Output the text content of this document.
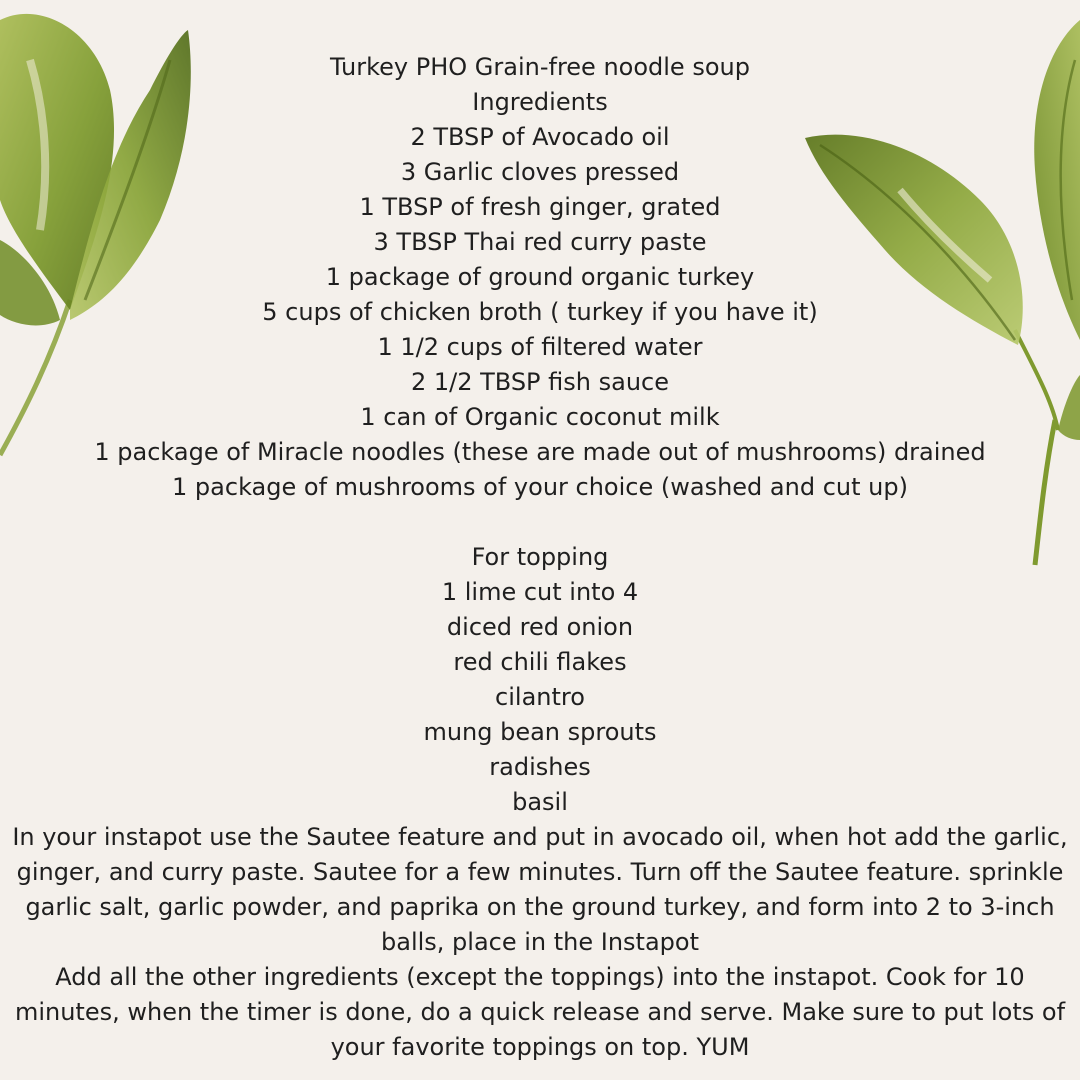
Turkey PHO Grain-free noodle soup
Ingredients
2 TBSP of Avocado oil
3 Garlic cloves pressed
1 TBSP of fresh ginger, grated
3 TBSP Thai red curry paste
1 package of ground organic turkey
5 cups of chicken broth ( turkey if you have it)
1 1/2 cups of filtered water
2 1/2 TBSP fish sauce
1 can of Organic coconut milk
1 package of Miracle noodles (these are made out of mushrooms) drained
1 package of mushrooms of your choice (washed and cut up)
For topping
1 lime cut into 4
diced red onion
red chili flakes
cilantro
mung bean sprouts
radishes
basil
In your instapot use the Sautee feature and put in avocado oil, when hot add the garlic, ginger, and curry paste. Sautee for a few minutes. Turn off the Sautee feature. sprinkle garlic salt, garlic powder, and paprika on the ground turkey, and form into 2 to 3-inch balls, place in the Instapot
Add all the other ingredients (except the toppings) into the instapot. Cook for 10 minutes, when the timer is done, do a quick release and serve. Make sure to put lots of your favorite toppings on top. YUM
